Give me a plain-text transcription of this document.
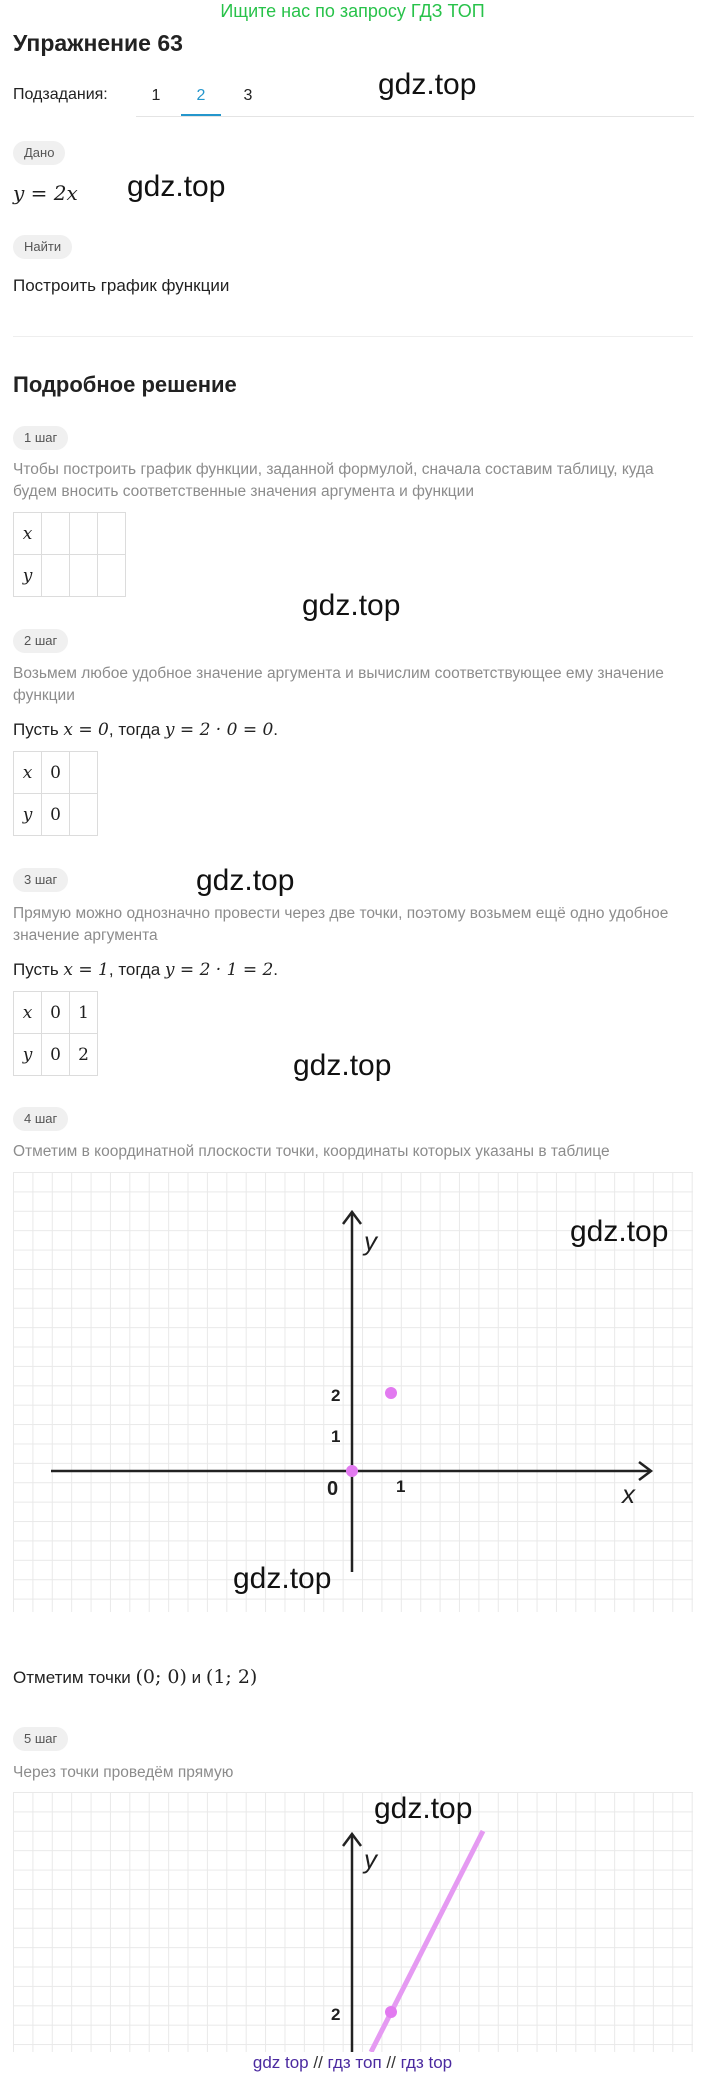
Ищите нас по запросу ГДЗ ТОП
Упражнение 63
Подзадания:	1	2	3	gdz.top
Дано
y = 2x gdz.top
Найти
Построить график функции
Подробное решение
1 шаг
Чтобы построить график функции, заданной формулой, сначала составим таблицу, куда будем вносить соответственные значения аргумента и функции
x			
y			
gdz.top
2 шаг
Возьмем любое удобное значение аргумента и вычислим соответствующее ему значение функции
Пусть x = 0, тогда y = 2 · 0 = 0.
x	0	
y	0	
3 шаг	gdz.top
Прямую можно однозначно провести через две точки, поэтому возьмем ещё одно удобное значение аргумента
Пусть x = 1, тогда y = 2 · 1 = 2.
x	0	1
y	0	2	gdz.top
4 шаг
Отметим в координатной плоскости точки, координаты которых указаны в таблице
y
x
0	1
1
2
gdz.top
gdz.top
Отметим точки (0; 0) и (1; 2)
5 шаг
Через точки проведём прямую
y
2
gdz.top
gdz top // гдз топ // гдз top
